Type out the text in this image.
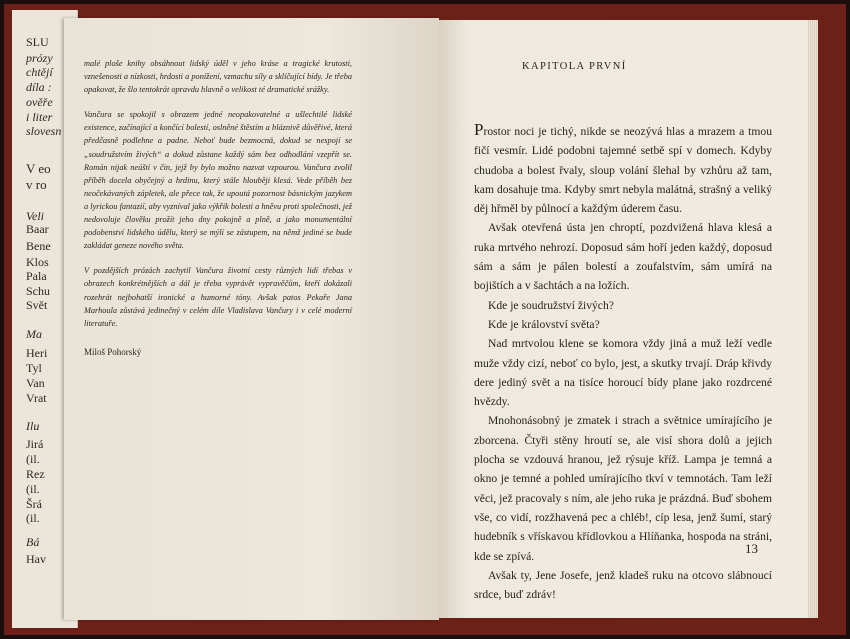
SLU
prózy
chtějí
díla :
ověře
i liter
slovesn
V eo
v ro
Veli
Baar
Bene
Klos
Pala
Schu
Svět
Ma
Heri
Tyl
Van
Vrat
Ilu
Jirá
(il.
Rez
(il.
Šrá
(il.
Bá
Hav

malé ploše knihy obsáhnout lidský úděl v jeho kráse a tragické krutosti, vznešenosti a nízkosti, hrdosti a ponížení, vzmachu síly a sklíčující bídy. Je třeba opakovat, že šlo tentokrát opravdu hlavně o velikost té dramatické srážky.

Vančura se spokojil s obrazem jedné neopakovatelné a ušlechtilé lidské existence, začínající a končící bolestí, oslněné štěstím a bláznivě důvěřivé, která předčasně podlehne a padne. Neboť bude bezmocná, dokud se nespojí se „soudružstvím živých“ a dokud zůstane každý sám bez odhodlání vzepřít se. Román nijak neúští v čin, jejž by bylo možno nazvat vzpourou. Vančura zvolil příběh docela obyčejný a hrdinu, který stále hlouběji klesá. Vede příběh bez neočekávaných zápletek, ale přece tak, že upoutá pozornost básnickým jazykem a lyrickou fantazií, aby vyzníval jako výkřik bolesti a hněvu proti společnosti, jež nedovoluje člověku prožít jeho dny pokojně a plně, a jako monumentální podobenství lidského údělu, který se mýlí se zástupem, na němž jediné se bude zakládat geneze nového světa.

V pozdějších prózách zachytil Vančura životní cesty různých lidí třebas v obrazech konkrétnějších a dál je třeba vyprávět vypravěčům, kteří dokázali rozehrát nejbohatší ironické a humorné tóny. Avšak patos Pekaře Jana Marhoula zůstává jedinečný v celém díle Vladislava Vančury i v celé moderní literatuře.

Miloš Pohorský
KAPITOLA PRVNÍ

Prostor noci je tichý, nikde se neozývá hlas a mrazem a tmou fičí vesmír. Lidé podobni tajemné setbě spí v domech. Kdyby chudoba a bolest řvaly, sloup volání šlehal by vzhůru až tam, kam dosahuje tma. Kdyby smrt nebyla malátná, strašný a veliký děj hřměl by půlnocí a každým úderem času.

Avšak otevřená ústa jen chroptí, pozdvižená hlava klesá a ruka mrtvého nehrozí. Doposud sám hoří jeden každý, doposud sám a sám je pálen bolestí a zoufalstvím, sám umírá na bojištích a v šachtách a na ložích.

Kde je soudružství živých?

Kde je království světa?

Nad mrtvolou klene se komora vždy jiná a muž leží vedle muže vždy cizí, neboť co bylo, jest, a skutky trvají. Dráp křivdy dere jediný svět a na tisíce horoucí bídy plane jako rozdrcené hvězdy.

Mnohonásobný je zmatek i strach a světnice umírajícího je zborcena. Čtyři stěny hroutí se, ale visí shora dolů a jejich plocha se vzdouvá hranou, jež rýsuje kříž. Lampa je temná a okno je temné a pohled umírajícího tkví v temnotách. Tam leží věci, jež pracovaly s ním, ale jeho ruka je prázdná. Buď sbohem vše, co vidí, rozžhavená pec a chléb!, cíp lesa, jenž šumí, starý hudebník s vřískavou křídlovkou a Hlíňanka, hospoda na stráni, kde se zpívá.

Avšak ty, Jene Josefe, jenž kladeš ruku na otcovo slábnoucí srdce, buď zdráv!

13
